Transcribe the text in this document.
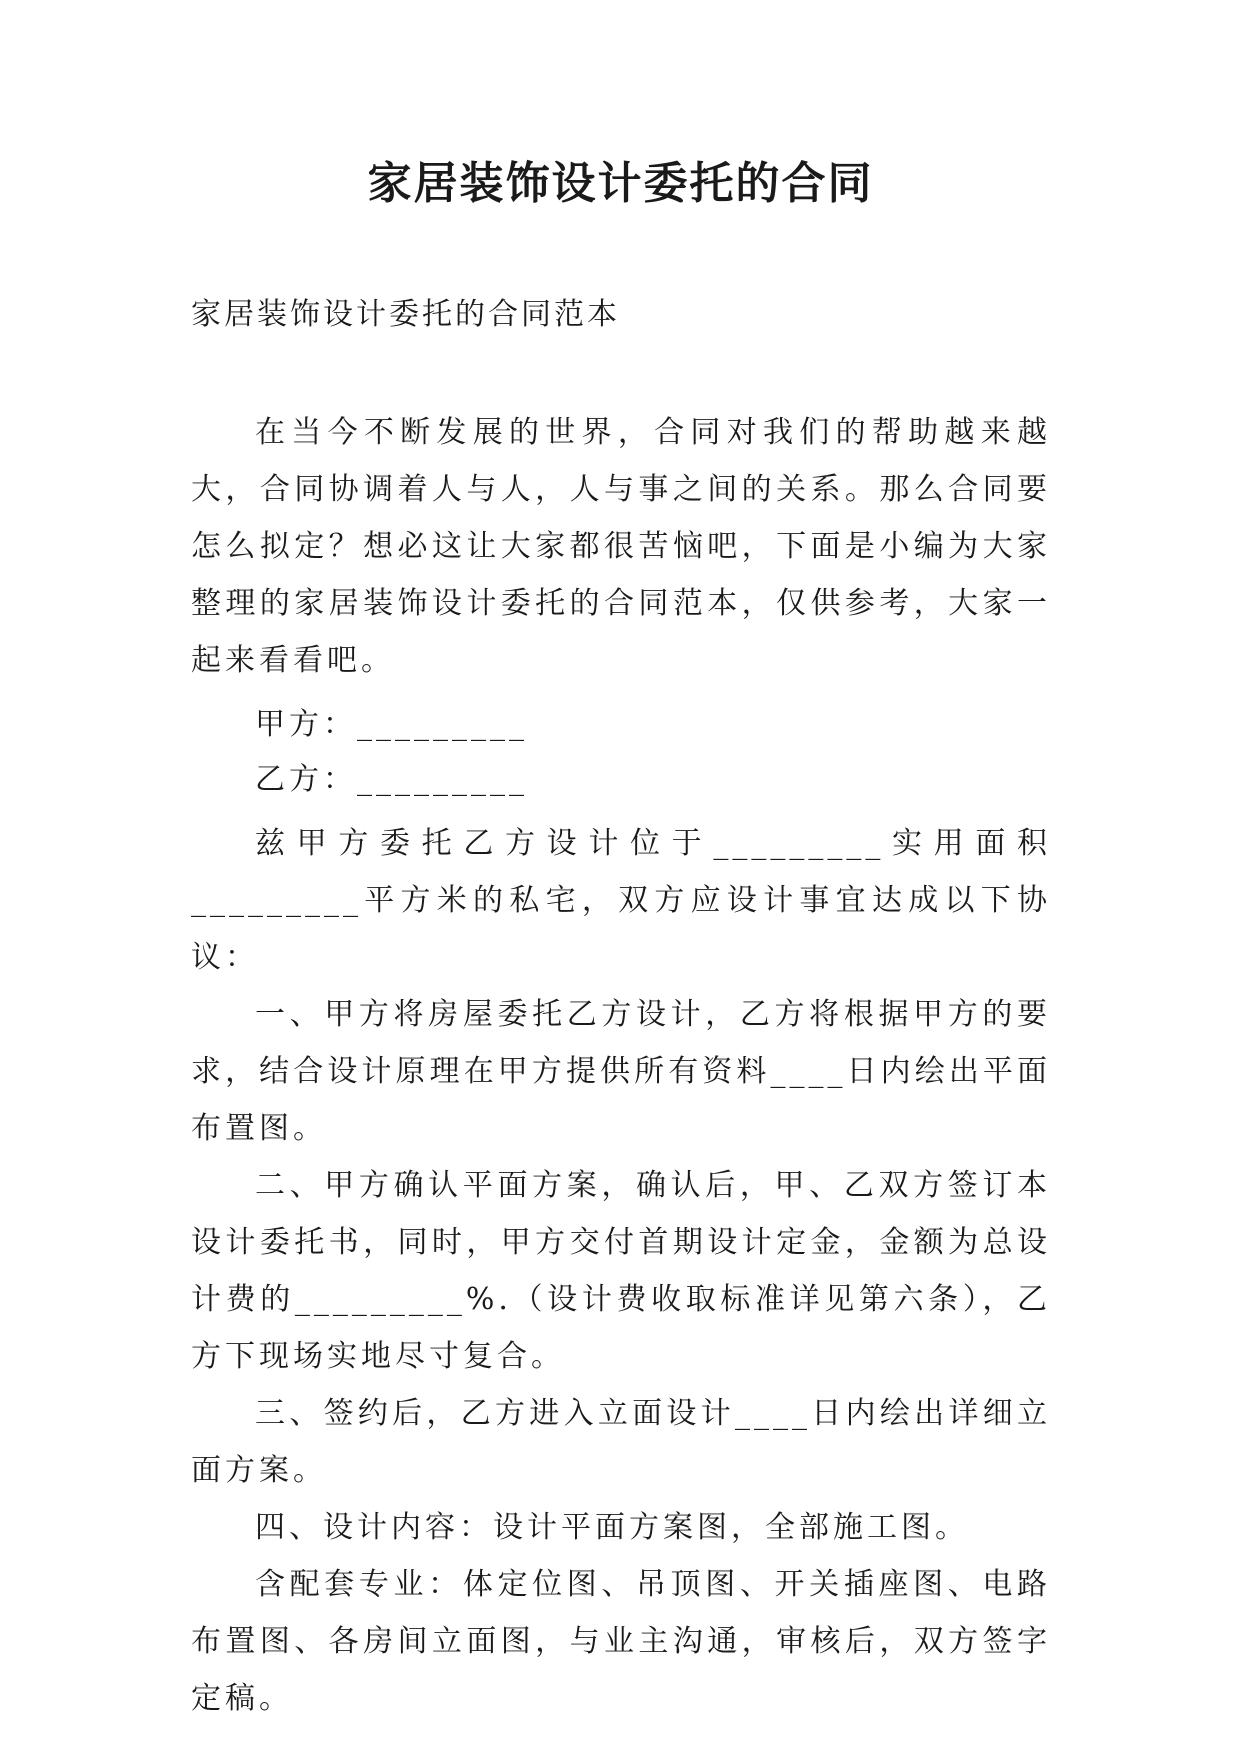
家居装饰设计委托的合同

家居装饰设计委托的合同范本

在当今不断发展的世界，合同对我们的帮助越来越大，合同协调着人与人，人与事之间的关系。那么合同要怎么拟定？想必这让大家都很苦恼吧，下面是小编为大家整理的家居装饰设计委托的合同范本，仅供参考，大家一起来看看吧。

甲方：_________

乙方：_________

兹甲方委托乙方设计位于_________实用面积_________平方米的私宅，双方应设计事宜达成以下协议：

一、甲方将房屋委托乙方设计，乙方将根据甲方的要求，结合设计原理在甲方提供所有资料____日内绘出平面布置图。

二、甲方确认平面方案，确认后，甲、乙双方签订本设计委托书，同时，甲方交付首期设计定金，金额为总设计费的_________%.（设计费收取标准详见第六条），乙方下现场实地尽寸复合。

三、签约后，乙方进入立面设计____日内绘出详细立面方案。

四、设计内容：设计平面方案图，全部施工图。

含配套专业：体定位图、吊顶图、开关插座图、电路布置图、各房间立面图，与业主沟通，审核后，双方签字定稿。
